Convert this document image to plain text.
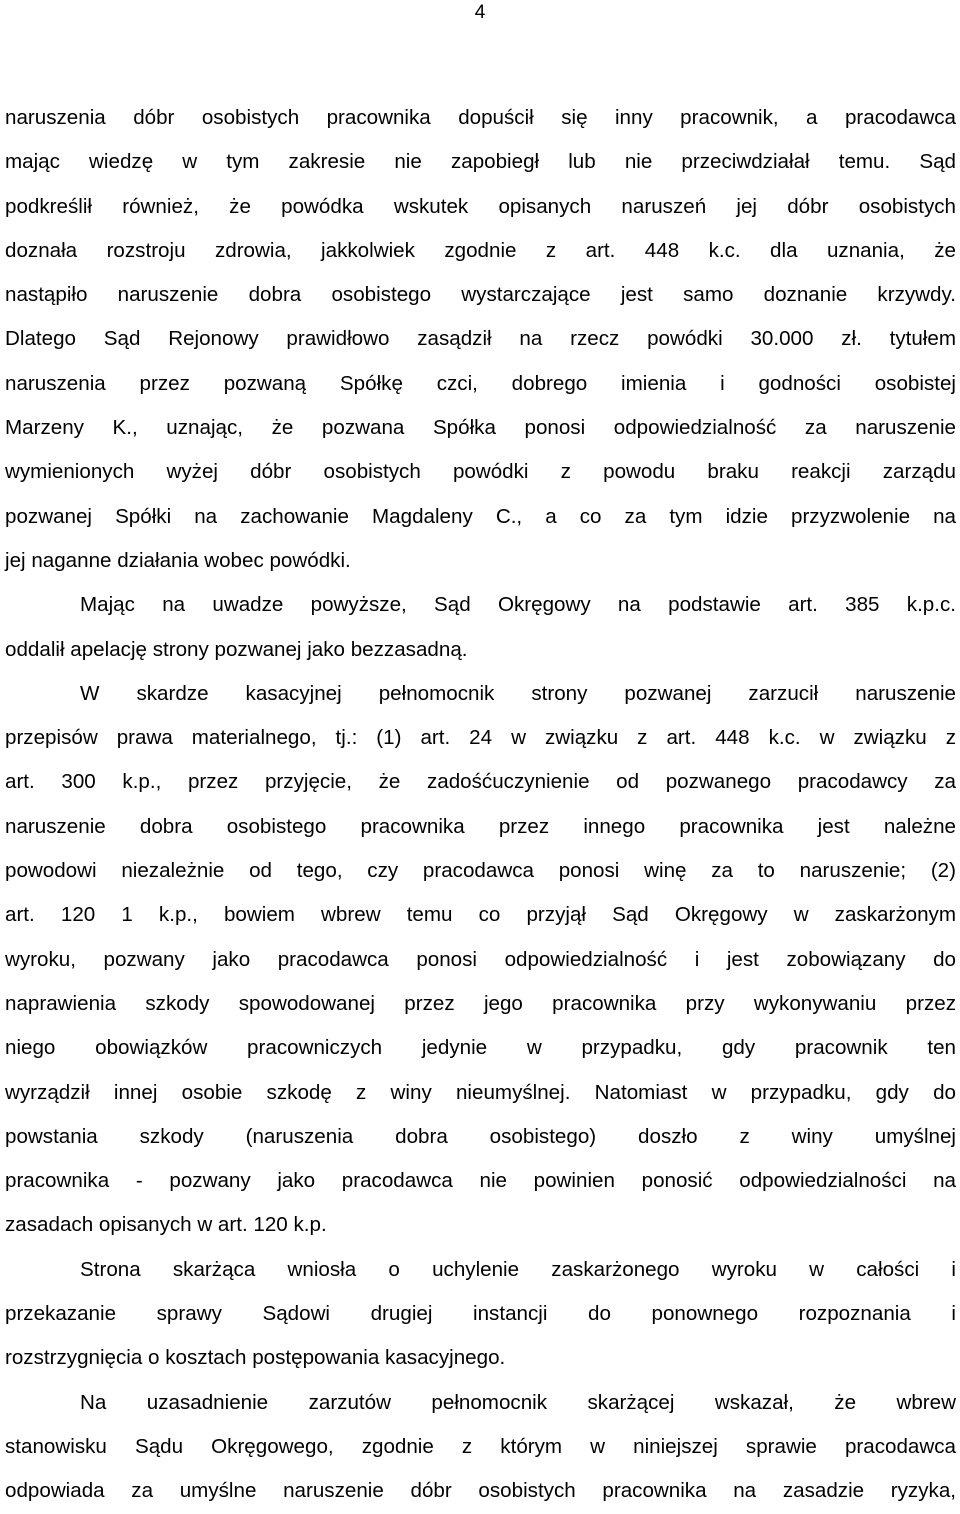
4
naruszenia dóbr osobistych pracownika dopuścił się inny pracownik, a pracodawca
mając wiedzę w tym zakresie nie zapobiegł lub nie przeciwdziałał temu. Sąd
podkreślił również, że powódka wskutek opisanych naruszeń jej dóbr osobistych
doznała rozstroju zdrowia, jakkolwiek zgodnie z art. 448 k.c. dla uznania, że
nastąpiło naruszenie dobra osobistego wystarczające jest samo doznanie krzywdy.
Dlatego Sąd Rejonowy prawidłowo zasądził na rzecz powódki 30.000 zł. tytułem
naruszenia przez pozwaną Spółkę czci, dobrego imienia i godności osobistej
Marzeny K., uznając, że pozwana Spółka ponosi odpowiedzialność za naruszenie
wymienionych wyżej dóbr osobistych powódki z powodu braku reakcji zarządu
pozwanej Spółki na zachowanie Magdaleny C., a co za tym idzie przyzwolenie na
jej naganne działania wobec powódki.
Mając na uwadze powyższe, Sąd Okręgowy na podstawie art. 385 k.p.c.
oddalił apelację strony pozwanej jako bezzasadną.
W skardze kasacyjnej pełnomocnik strony pozwanej zarzucił naruszenie
przepisów prawa materialnego, tj.: (1) art. 24 w związku z art. 448 k.c. w związku z
art. 300 k.p., przez przyjęcie, że zadośćuczynienie od pozwanego pracodawcy za
naruszenie dobra osobistego pracownika przez innego pracownika jest należne
powodowi niezależnie od tego, czy pracodawca ponosi winę za to naruszenie; (2)
art. 120 1 k.p., bowiem wbrew temu co przyjął Sąd Okręgowy w zaskarżonym
wyroku, pozwany jako pracodawca ponosi odpowiedzialność i jest zobowiązany do
naprawienia szkody spowodowanej przez jego pracownika przy wykonywaniu przez
niego obowiązków pracowniczych jedynie w przypadku, gdy pracownik ten
wyrządził innej osobie szkodę z winy nieumyślnej. Natomiast w przypadku, gdy do
powstania szkody (naruszenia dobra osobistego) doszło z winy umyślnej
pracownika - pozwany jako pracodawca nie powinien ponosić odpowiedzialności na
zasadach opisanych w art. 120 k.p.
Strona skarżąca wniosła o uchylenie zaskarżonego wyroku w całości i
przekazanie sprawy Sądowi drugiej instancji do ponownego rozpoznania i
rozstrzygnięcia o kosztach postępowania kasacyjnego.
Na uzasadnienie zarzutów pełnomocnik skarżącej wskazał, że wbrew
stanowisku Sądu Okręgowego, zgodnie z którym w niniejszej sprawie pracodawca
odpowiada za umyślne naruszenie dóbr osobistych pracownika na zasadzie ryzyka,
